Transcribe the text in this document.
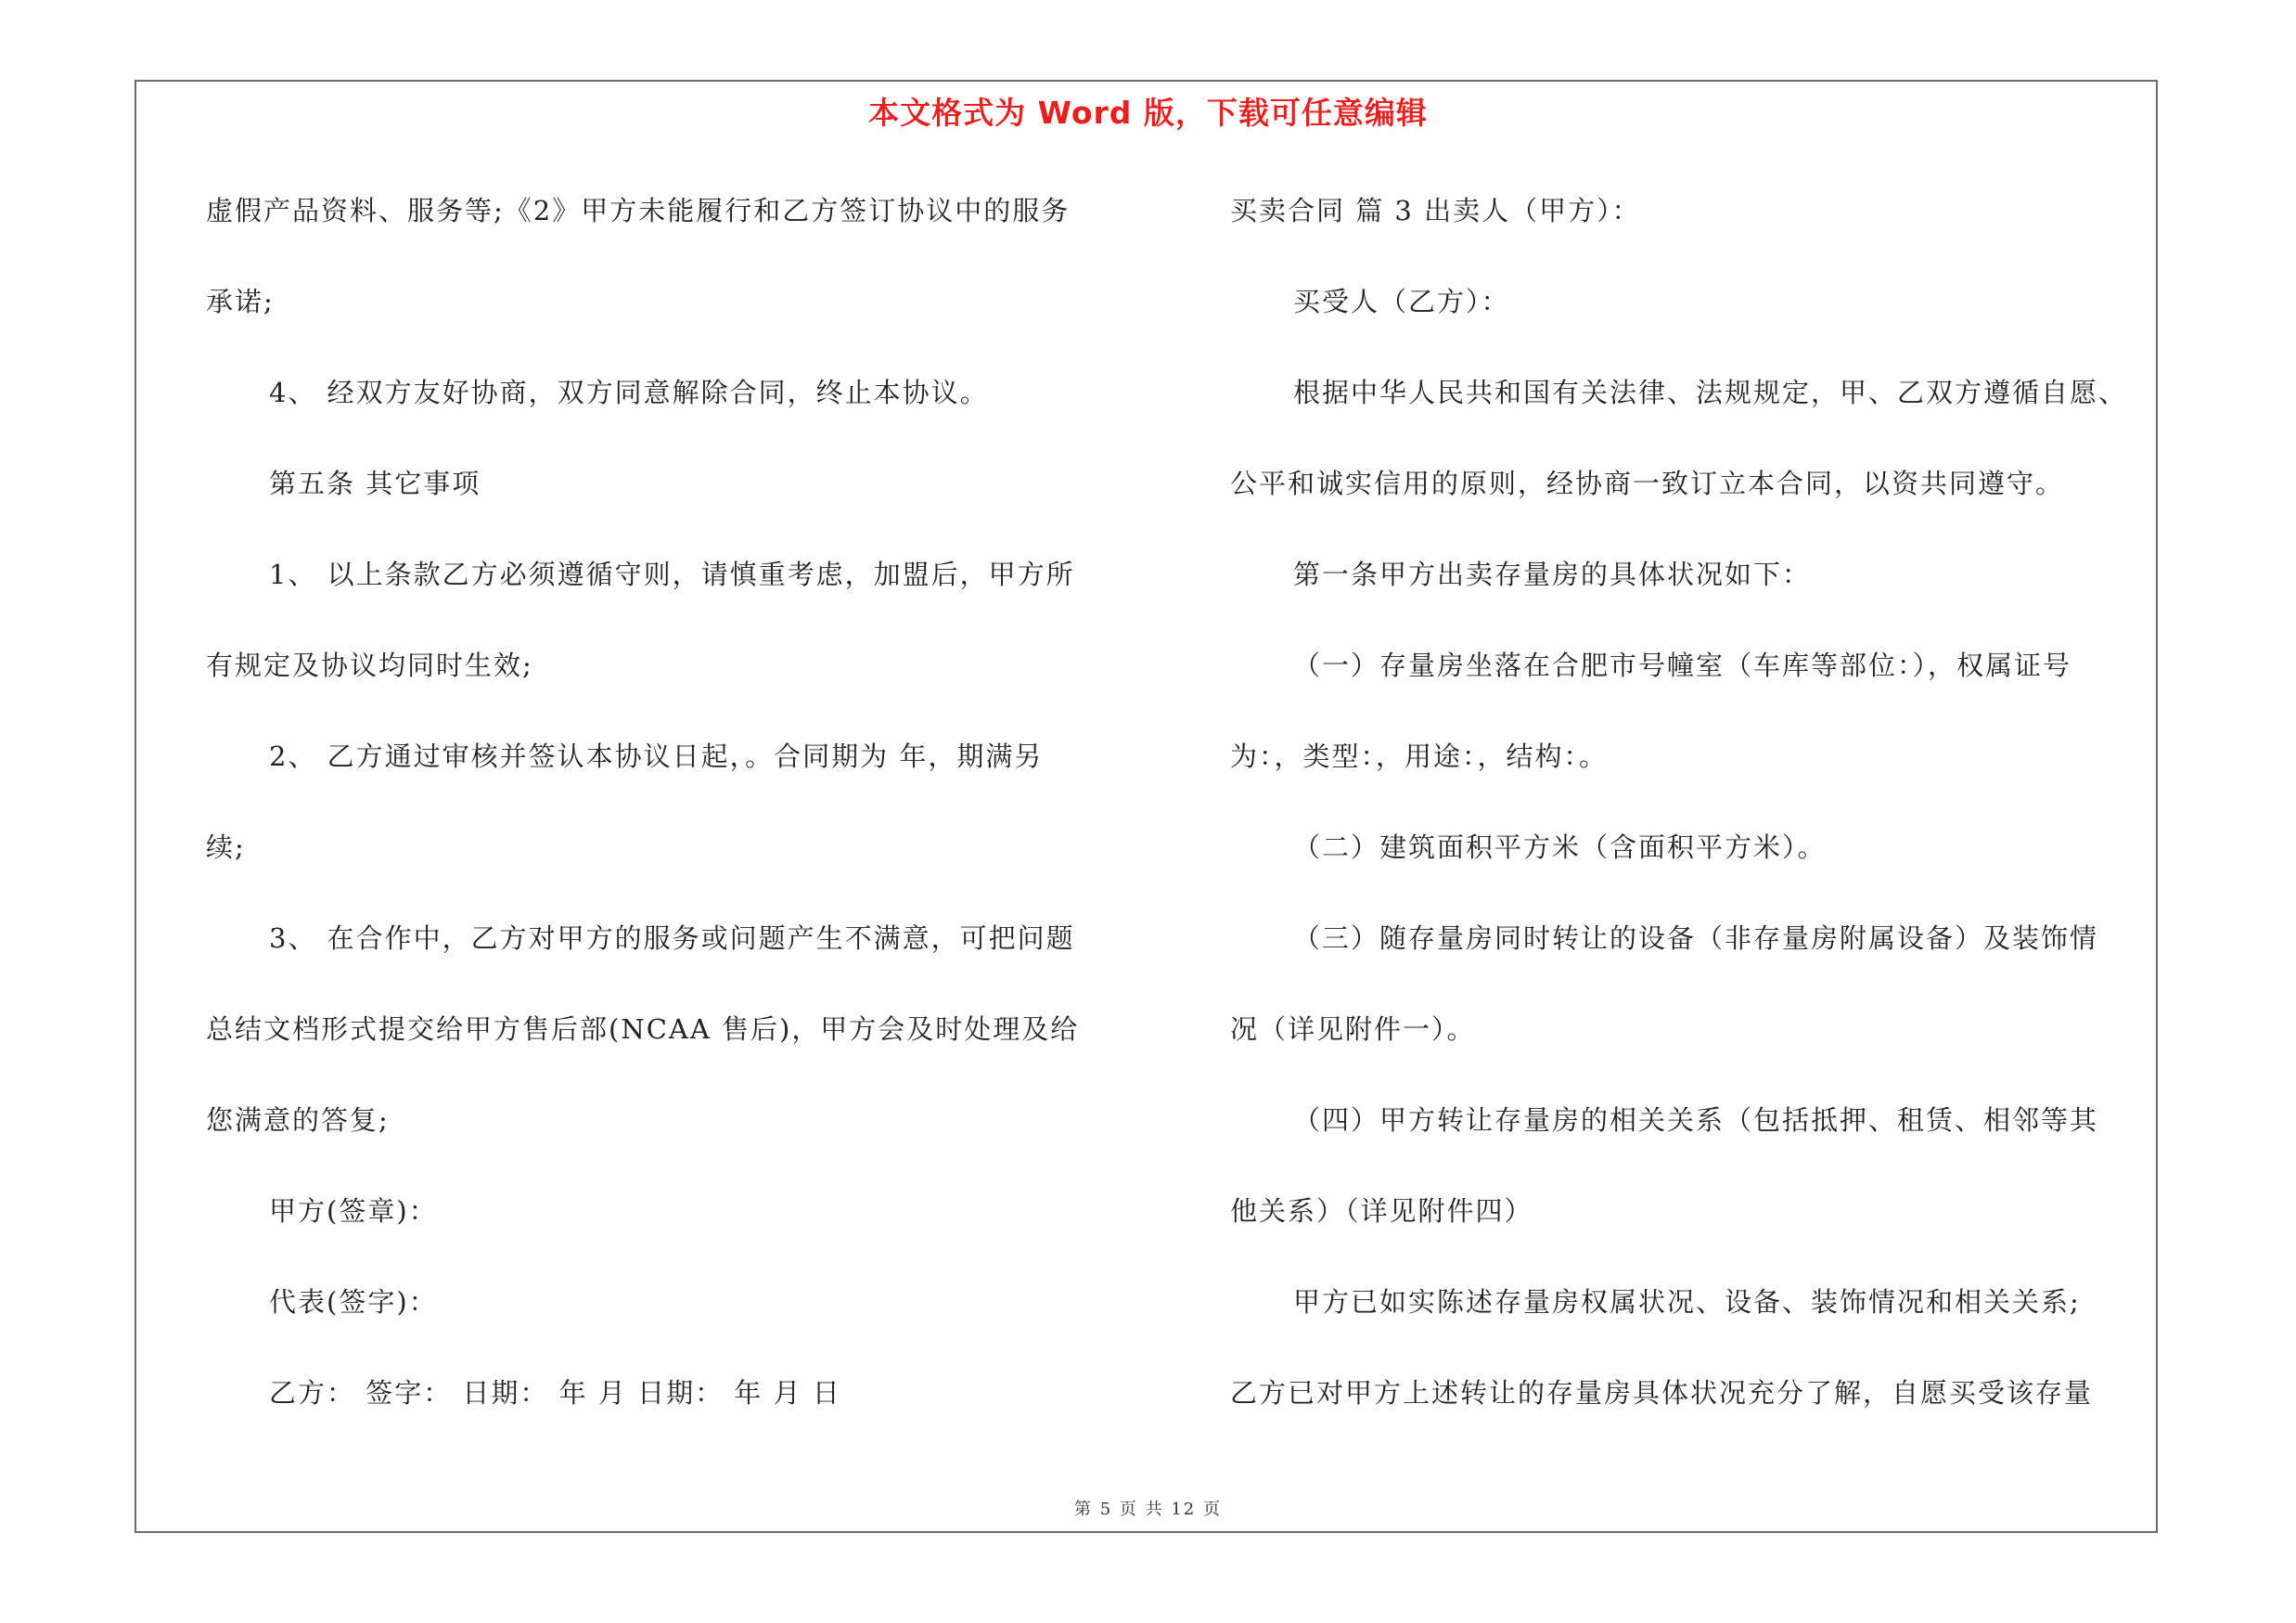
本文格式为 Word 版，下载可任意编辑
虚假产品资料、服务等;《2》甲方未能履行和乙方签订协议中的服务
承诺;
4、 经双方友好协商，双方同意解除合同，终止本协议。
第五条 其它事项
1、 以上条款乙方必须遵循守则，请慎重考虑，加盟后，甲方所
有规定及协议均同时生效;
2、 乙方通过审核并签认本协议日起，。合同期为 年，期满另
续;
3、 在合作中，乙方对甲方的服务或问题产生不满意，可把问题
总结文档形式提交给甲方售后部(NCAA 售后)，甲方会及时处理及给
您满意的答复;
甲方(签章)：
代表(签字)：
乙方： 签字： 日期： 年 月 日期： 年 月 日
买卖合同 篇 3 出卖人（甲方）：
买受人（乙方）：
根据中华人民共和国有关法律、法规规定，甲、乙双方遵循自愿、
公平和诚实信用的原则，经协商一致订立本合同，以资共同遵守。
第一条甲方出卖存量房的具体状况如下：
（一）存量房坐落在合肥市号幢室（车库等部位：），权属证号
为：，类型：，用途：，结构：。
（二）建筑面积平方米（含面积平方米）。
（三）随存量房同时转让的设备（非存量房附属设备）及装饰情
况（详见附件一）。
（四）甲方转让存量房的相关关系（包括抵押、租赁、相邻等其
他关系）（详见附件四）
甲方已如实陈述存量房权属状况、设备、装饰情况和相关关系;
乙方已对甲方上述转让的存量房具体状况充分了解，自愿买受该存量
第 5 页 共 12 页
